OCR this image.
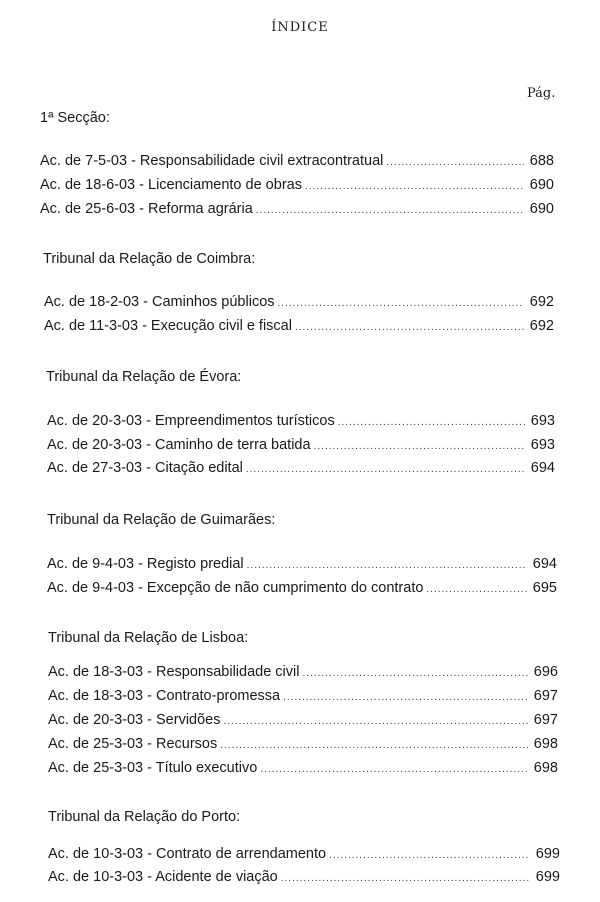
ÍNDICE
Pág.
1ª Secção:
Ac. de 7-5-03 - Responsabilidade civil extracontratual .....	688
Ac. de 18-6-03 - Licenciamento de obras .....	690
Ac. de 25-6-03 - Reforma agrária .....	690
Tribunal da Relação de Coimbra:
Ac. de 18-2-03 - Caminhos públicos .....	692
Ac. de 11-3-03 - Execução civil e fiscal .....	692
Tribunal da Relação de Évora:
Ac. de 20-3-03 - Empreendimentos turísticos .....	693
Ac. de 20-3-03 - Caminho de terra batida .....	693
Ac. de 27-3-03 - Citação edital .....	694
Tribunal da Relação de Guimarães:
Ac. de 9-4-03 - Registo predial .....	694
Ac. de 9-4-03 - Excepção de não cumprimento do contrato .....	695
Tribunal da Relação de Lisboa:
Ac. de 18-3-03 - Responsabilidade civil .....	696
Ac. de 18-3-03 - Contrato-promessa .....	697
Ac. de 20-3-03 - Servidões .....	697
Ac. de 25-3-03 - Recursos .....	698
Ac. de 25-3-03 - Título executivo .....	698
Tribunal da Relação do Porto:
Ac. de 10-3-03 - Contrato de arrendamento .....	699
Ac. de 10-3-03 - Acidente de viação .....	699
